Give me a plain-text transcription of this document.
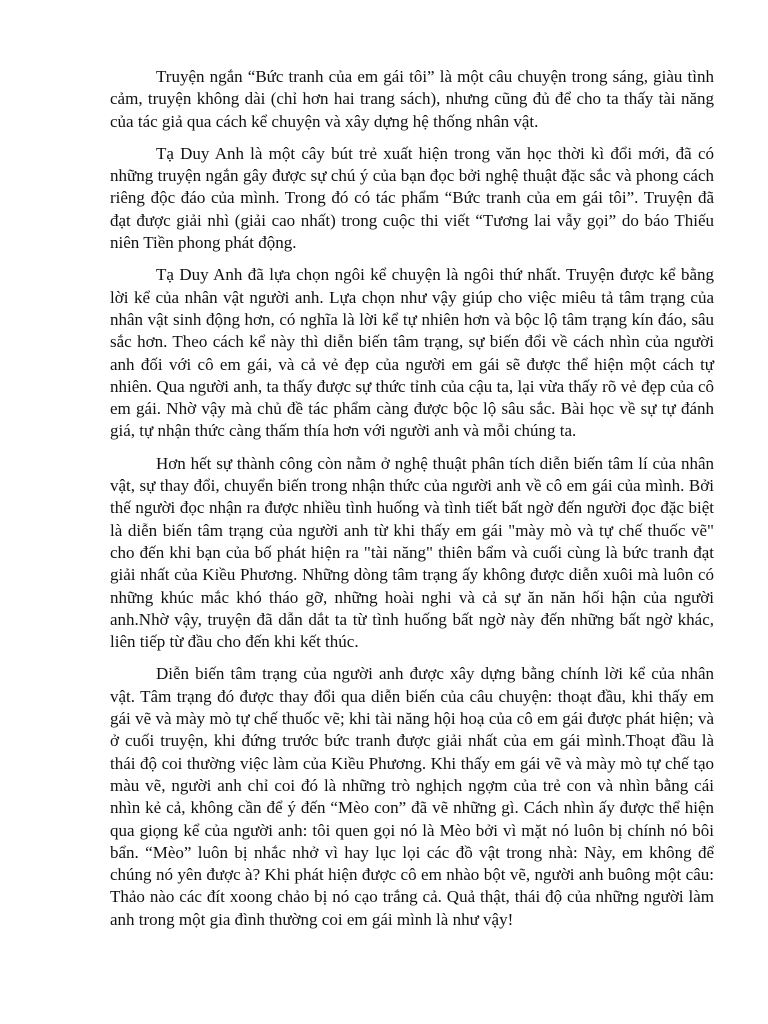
Truyện ngắn “Bức tranh của em gái tôi” là một câu chuyện trong sáng, giàu tình cảm, truyện không dài (chỉ hơn hai trang sách), nhưng cũng đủ để cho ta thấy tài năng của tác giả qua cách kể chuyện và xây dựng hệ thống nhân vật.

Tạ Duy Anh là một cây bút trẻ xuất hiện trong văn học thời kì đổi mới, đã có những truyện ngắn gây được sự chú ý của bạn đọc bởi nghệ thuật đặc sắc và phong cách riêng độc đáo của mình. Trong đó có tác phẩm “Bức tranh của em gái tôi”. Truyện đã đạt được giải nhì (giải cao nhất) trong cuộc thi viết “Tương lai vẫy gọi” do báo Thiếu niên Tiền phong phát động.

Tạ Duy Anh đã lựa chọn ngôi kể chuyện là ngôi thứ nhất. Truyện được kể bằng lời kể của nhân vật người anh. Lựa chọn như vậy giúp cho việc miêu tả tâm trạng của nhân vật sinh động hơn, có nghĩa là lời kể tự nhiên hơn và bộc lộ tâm trạng kín đáo, sâu sắc hơn. Theo cách kể này thì diễn biến tâm trạng, sự biến đổi về cách nhìn của người anh đối với cô em gái, và cả vẻ đẹp của người em gái sẽ được thể hiện một cách tự nhiên. Qua người anh, ta thấy được sự thức tỉnh của cậu ta, lại vừa thấy rõ vẻ đẹp của cô em gái. Nhờ vậy mà chủ đề tác phẩm càng được bộc lộ sâu sắc. Bài học về sự tự đánh giá, tự nhận thức càng thấm thía hơn với người anh và mỗi chúng ta.

Hơn hết sự thành công còn nằm ở nghệ thuật phân tích diễn biến tâm lí của nhân vật, sự thay đổi, chuyển biến trong nhận thức của người anh về cô em gái của mình. Bởi thế người đọc nhận ra được nhiều tình huống và tình tiết bất ngờ đến người đọc đặc biệt là diễn biến tâm trạng của người anh từ khi thấy em gái "mày mò và tự chế thuốc vẽ" cho đến khi bạn của bố phát hiện ra "tài năng" thiên bẩm và cuối cùng là bức tranh đạt giải nhất của Kiều Phương. Những dòng tâm trạng ấy không được diễn xuôi mà luôn có những khúc mắc khó tháo gỡ, những hoài nghi và cả sự ăn năn hối hận của người anh.Nhờ vậy, truyện đã dẫn dắt ta từ tình huống bất ngờ này đến những bất ngờ khác, liên tiếp từ đầu cho đến khi kết thúc.

Diễn biến tâm trạng của người anh được xây dựng bằng chính lời kể của nhân vật. Tâm trạng đó được thay đổi qua diễn biến của câu chuyện: thoạt đầu, khi thấy em gái vẽ và mày mò tự chế thuốc vẽ; khi tài năng hội hoạ của cô em gái được phát hiện; và ở cuối truyện, khi đứng trước bức tranh được giải nhất của em gái mình.Thoạt đầu là thái độ coi thường việc làm của Kiều Phương. Khi thấy em gái vẽ và mày mò tự chế tạo màu vẽ, người anh chỉ coi đó là những trò nghịch ngợm của trẻ con và nhìn bằng cái nhìn kẻ cả, không cần để ý đến “Mèo con” đã vẽ những gì. Cách nhìn ấy được thể hiện qua giọng kể của người anh: tôi quen gọi nó là Mèo bởi vì mặt nó luôn bị chính nó bôi bẩn. “Mèo” luôn bị nhắc nhở vì hay lục lọi các đồ vật trong nhà: Này, em không để chúng nó yên được à? Khi phát hiện được cô em nhào bột vẽ, người anh buông một câu: Thảo nào các đít xoong chảo bị nó cạo trắng cả. Quả thật, thái độ của những người làm anh trong một gia đình thường coi em gái mình là như vậy!
